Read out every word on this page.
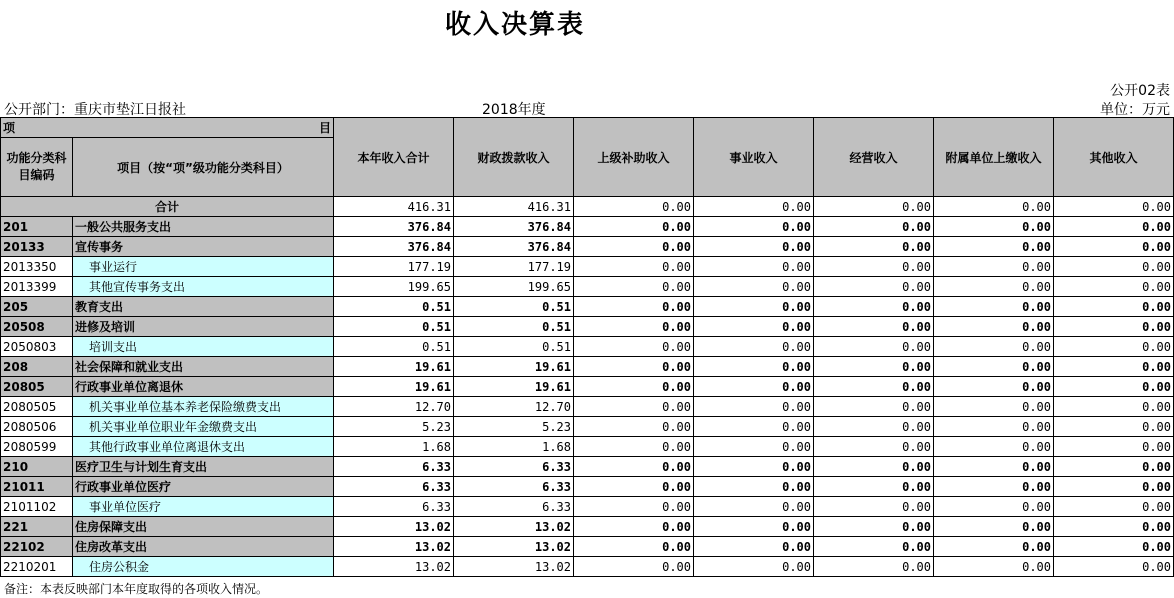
收入决算表
公开02表
公开部门：重庆市垫江日报社	2018年度	单位：万元
项 目		本年收入合计	财政拨款收入	上级补助收入	事业收入	经营收入	附属单位上缴收入	其他收入
功能分类科目编码	项目（按“项”级功能分类科目）							
合计		416.31	416.31	0.00	0.00	0.00	0.00	0.00
201	一般公共服务支出	376.84	376.84	0.00	0.00	0.00	0.00	0.00
20133	宣传事务	376.84	376.84	0.00	0.00	0.00	0.00	0.00
2013350	事业运行	177.19	177.19	0.00	0.00	0.00	0.00	0.00
2013399	其他宣传事务支出	199.65	199.65	0.00	0.00	0.00	0.00	0.00
205	教育支出	0.51	0.51	0.00	0.00	0.00	0.00	0.00
20508	进修及培训	0.51	0.51	0.00	0.00	0.00	0.00	0.00
2050803	培训支出	0.51	0.51	0.00	0.00	0.00	0.00	0.00
208	社会保障和就业支出	19.61	19.61	0.00	0.00	0.00	0.00	0.00
20805	行政事业单位离退休	19.61	19.61	0.00	0.00	0.00	0.00	0.00
2080505	机关事业单位基本养老保险缴费支出	12.70	12.70	0.00	0.00	0.00	0.00	0.00
2080506	机关事业单位职业年金缴费支出	5.23	5.23	0.00	0.00	0.00	0.00	0.00
2080599	其他行政事业单位离退休支出	1.68	1.68	0.00	0.00	0.00	0.00	0.00
210	医疗卫生与计划生育支出	6.33	6.33	0.00	0.00	0.00	0.00	0.00
21011	行政事业单位医疗	6.33	6.33	0.00	0.00	0.00	0.00	0.00
2101102	事业单位医疗	6.33	6.33	0.00	0.00	0.00	0.00	0.00
221	住房保障支出	13.02	13.02	0.00	0.00	0.00	0.00	0.00
22102	住房改革支出	13.02	13.02	0.00	0.00	0.00	0.00	0.00
2210201	住房公积金	13.02	13.02	0.00	0.00	0.00	0.00	0.00
备注：本表反映部门本年度取得的各项收入情况。
